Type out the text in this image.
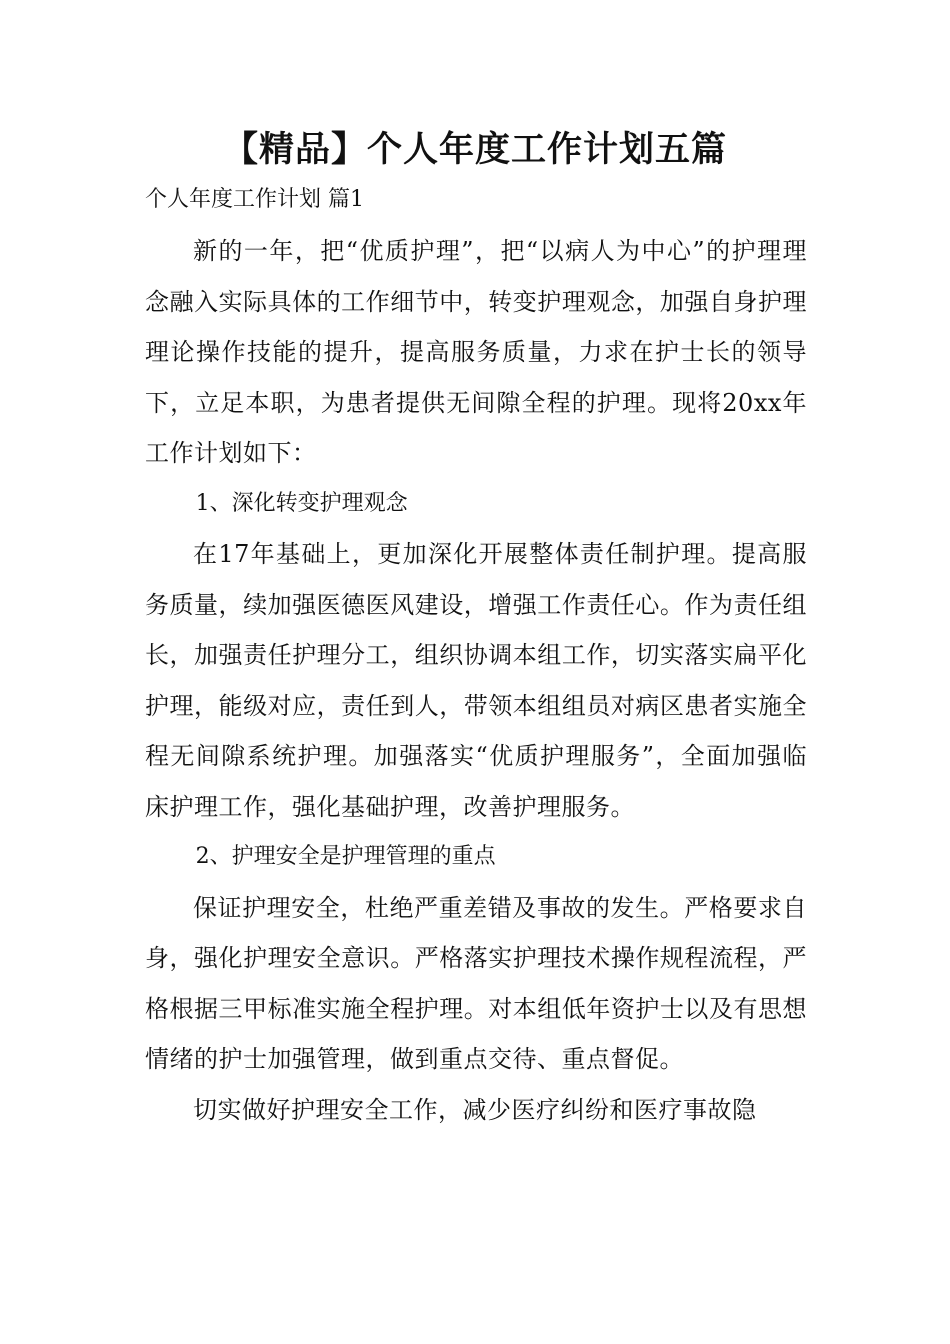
【精品】个人年度工作计划五篇

个人年度工作计划 篇1

新的一年，把“优质护理”，把“以病人为中心”的护理理念融入实际具体的工作细节中，转变护理观念，加强自身护理理论操作技能的提升，提高服务质量，力求在护士长的领导下，立足本职，为患者提供无间隙全程的护理。现将20xx年工作计划如下：

1、深化转变护理观念

在17年基础上，更加深化开展整体责任制护理。提高服务质量，续加强医德医风建设，增强工作责任心。作为责任组长，加强责任护理分工，组织协调本组工作，切实落实扁平化护理，能级对应，责任到人，带领本组组员对病区患者实施全程无间隙系统护理。加强落实“优质护理服务”，全面加强临床护理工作，强化基础护理，改善护理服务。

2、护理安全是护理管理的重点

保证护理安全，杜绝严重差错及事故的发生。严格要求自身，强化护理安全意识。严格落实护理技术操作规程流程，严格根据三甲标准实施全程护理。对本组低年资护士以及有思想情绪的护士加强管理，做到重点交待、重点督促。

切实做好护理安全工作，减少医疗纠纷和医疗事故隐
